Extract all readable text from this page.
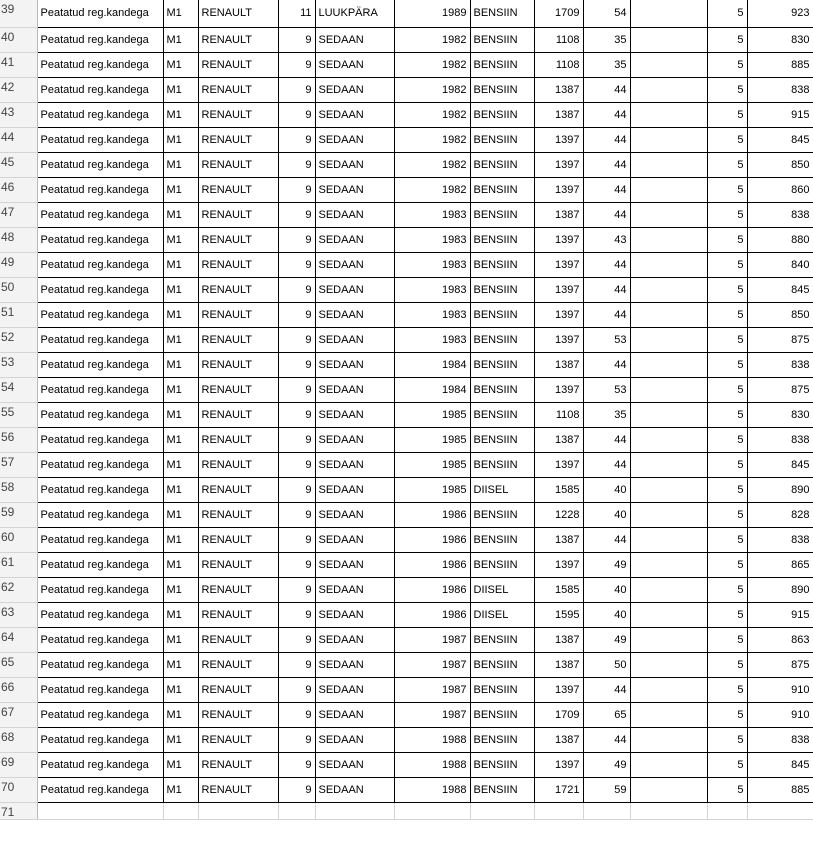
39	Peatatud reg.kandega	M1	RENAULT	11	LUUKPÄRA	1989	BENSIIN	1709	54		5	923
40	Peatatud reg.kandega	M1	RENAULT	9	SEDAAN	1982	BENSIIN	1108	35		5	830
41	Peatatud reg.kandega	M1	RENAULT	9	SEDAAN	1982	BENSIIN	1108	35		5	885
42	Peatatud reg.kandega	M1	RENAULT	9	SEDAAN	1982	BENSIIN	1387	44		5	838
43	Peatatud reg.kandega	M1	RENAULT	9	SEDAAN	1982	BENSIIN	1387	44		5	915
44	Peatatud reg.kandega	M1	RENAULT	9	SEDAAN	1982	BENSIIN	1397	44		5	845
45	Peatatud reg.kandega	M1	RENAULT	9	SEDAAN	1982	BENSIIN	1397	44		5	850
46	Peatatud reg.kandega	M1	RENAULT	9	SEDAAN	1982	BENSIIN	1397	44		5	860
47	Peatatud reg.kandega	M1	RENAULT	9	SEDAAN	1983	BENSIIN	1387	44		5	838
48	Peatatud reg.kandega	M1	RENAULT	9	SEDAAN	1983	BENSIIN	1397	43		5	880
49	Peatatud reg.kandega	M1	RENAULT	9	SEDAAN	1983	BENSIIN	1397	44		5	840
50	Peatatud reg.kandega	M1	RENAULT	9	SEDAAN	1983	BENSIIN	1397	44		5	845
51	Peatatud reg.kandega	M1	RENAULT	9	SEDAAN	1983	BENSIIN	1397	44		5	850
52	Peatatud reg.kandega	M1	RENAULT	9	SEDAAN	1983	BENSIIN	1397	53		5	875
53	Peatatud reg.kandega	M1	RENAULT	9	SEDAAN	1984	BENSIIN	1387	44		5	838
54	Peatatud reg.kandega	M1	RENAULT	9	SEDAAN	1984	BENSIIN	1397	53		5	875
55	Peatatud reg.kandega	M1	RENAULT	9	SEDAAN	1985	BENSIIN	1108	35		5	830
56	Peatatud reg.kandega	M1	RENAULT	9	SEDAAN	1985	BENSIIN	1387	44		5	838
57	Peatatud reg.kandega	M1	RENAULT	9	SEDAAN	1985	BENSIIN	1397	44		5	845
58	Peatatud reg.kandega	M1	RENAULT	9	SEDAAN	1985	DIISEL	1585	40		5	890
59	Peatatud reg.kandega	M1	RENAULT	9	SEDAAN	1986	BENSIIN	1228	40		5	828
60	Peatatud reg.kandega	M1	RENAULT	9	SEDAAN	1986	BENSIIN	1387	44		5	838
61	Peatatud reg.kandega	M1	RENAULT	9	SEDAAN	1986	BENSIIN	1397	49		5	865
62	Peatatud reg.kandega	M1	RENAULT	9	SEDAAN	1986	DIISEL	1585	40		5	890
63	Peatatud reg.kandega	M1	RENAULT	9	SEDAAN	1986	DIISEL	1595	40		5	915
64	Peatatud reg.kandega	M1	RENAULT	9	SEDAAN	1987	BENSIIN	1387	49		5	863
65	Peatatud reg.kandega	M1	RENAULT	9	SEDAAN	1987	BENSIIN	1387	50		5	875
66	Peatatud reg.kandega	M1	RENAULT	9	SEDAAN	1987	BENSIIN	1397	44		5	910
67	Peatatud reg.kandega	M1	RENAULT	9	SEDAAN	1987	BENSIIN	1709	65		5	910
68	Peatatud reg.kandega	M1	RENAULT	9	SEDAAN	1988	BENSIIN	1387	44		5	838
69	Peatatud reg.kandega	M1	RENAULT	9	SEDAAN	1988	BENSIIN	1397	49		5	845
70	Peatatud reg.kandega	M1	RENAULT	9	SEDAAN	1988	BENSIIN	1721	59		5	885
71												
